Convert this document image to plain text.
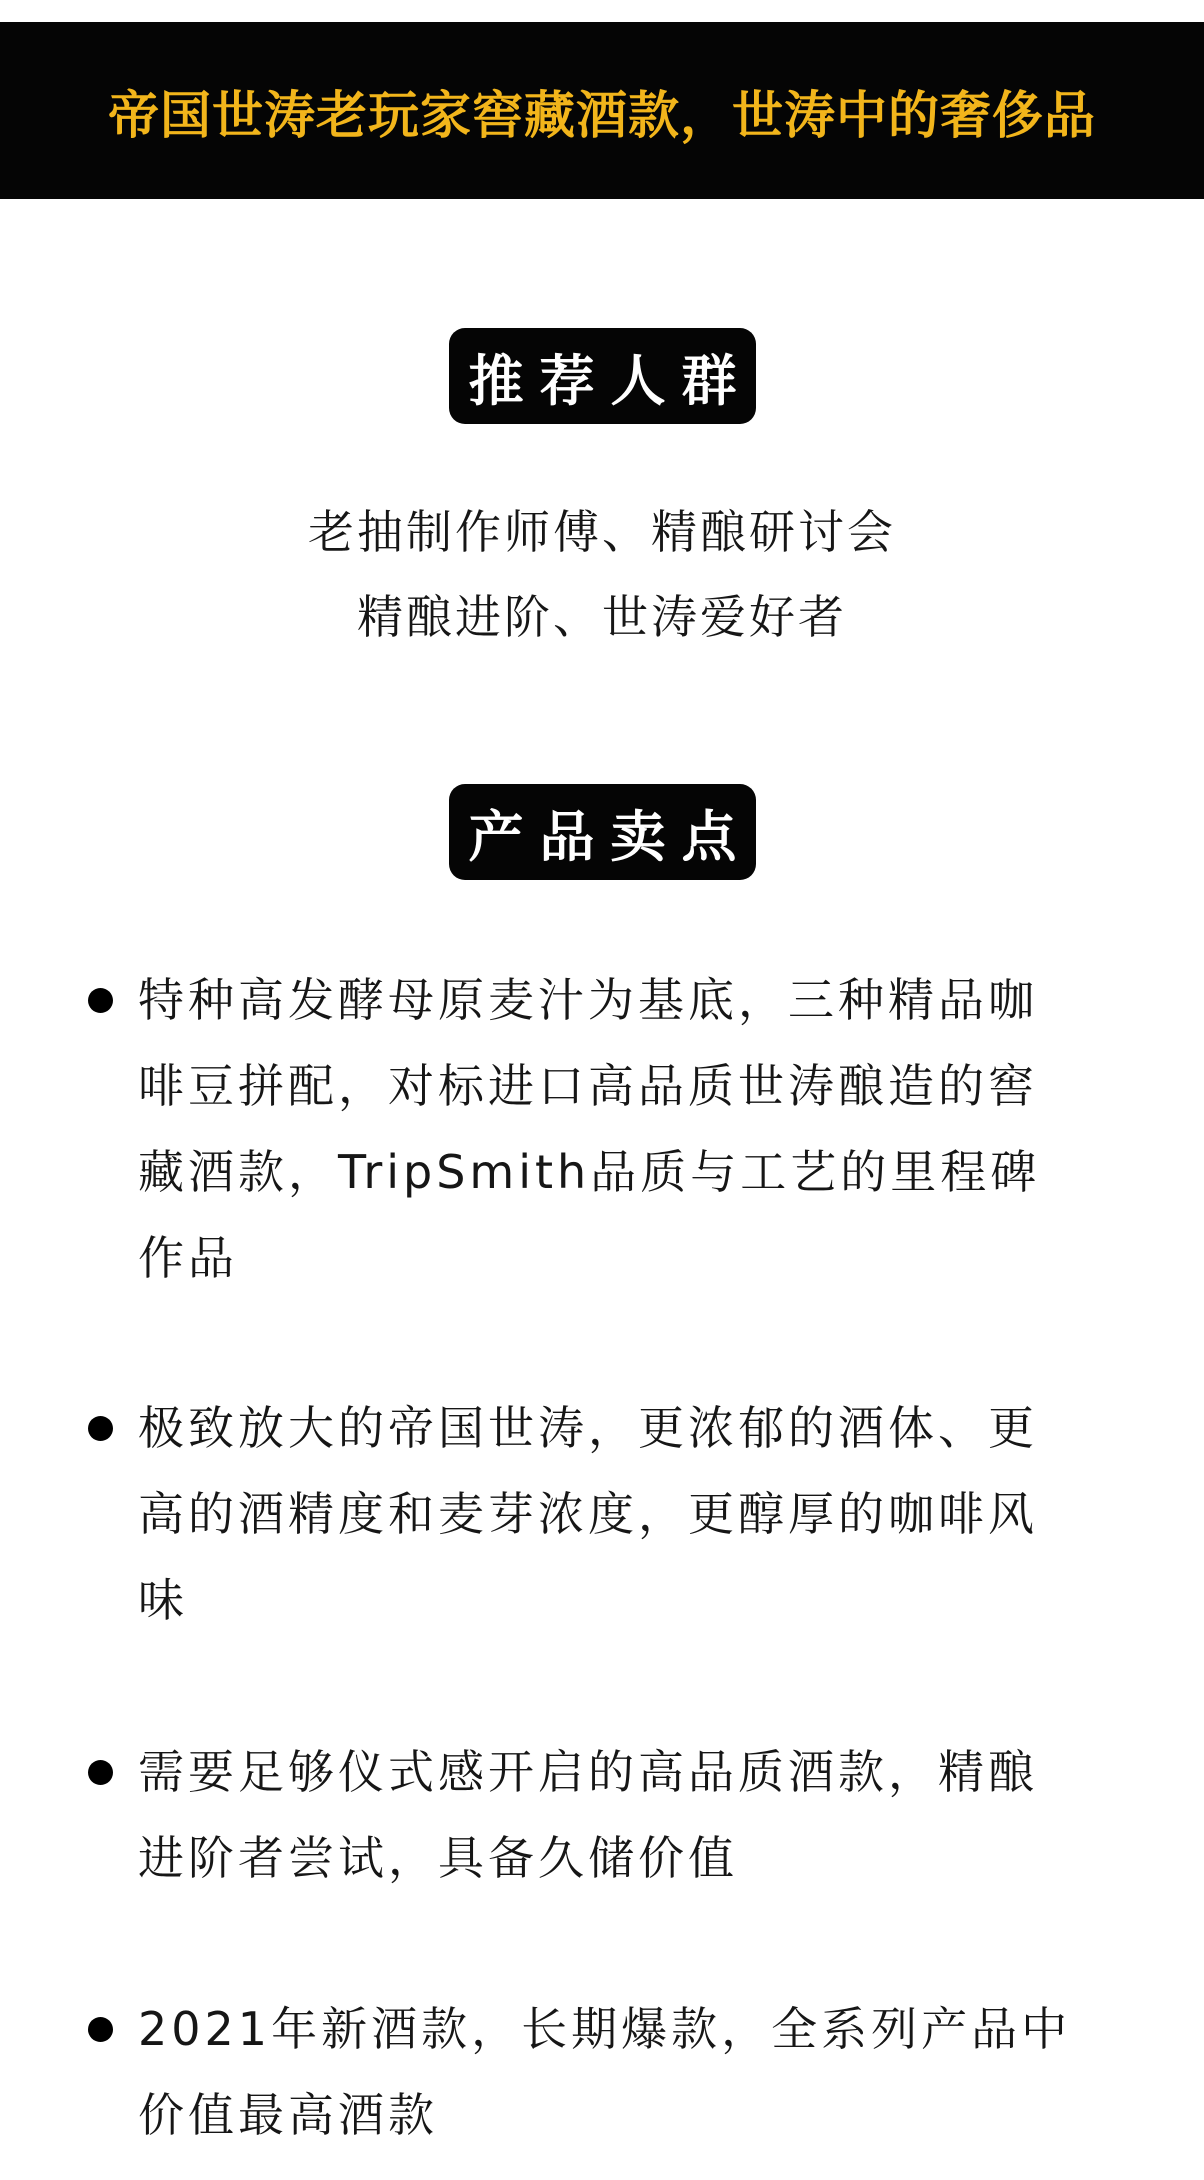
帝国世涛老玩家窖藏酒款，世涛中的奢侈品
推荐人群
老抽制作师傅、精酿研讨会
精酿进阶、世涛爱好者
产品卖点
特种高发酵母原麦汁为基底，三种精品咖
啡豆拼配，对标进口高品质世涛酿造的窖
藏酒款，TripSmith品质与工艺的里程碑
作品
极致放大的帝国世涛，更浓郁的酒体、更
高的酒精度和麦芽浓度，更醇厚的咖啡风
味
需要足够仪式感开启的高品质酒款，精酿
进阶者尝试，具备久储价值
2021年新酒款，长期爆款，全系列产品中
价值最高酒款
